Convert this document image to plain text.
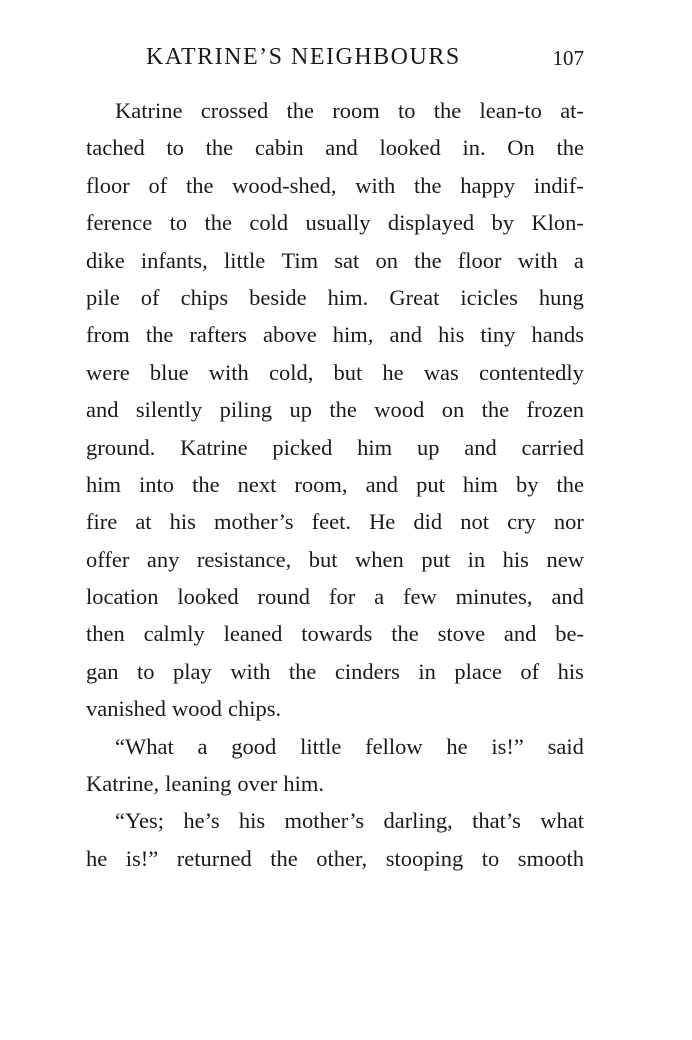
KATRINE’S NEIGHBOURS	107
Katrine crossed the room to the lean-to at-
tached to the cabin and looked in. On the
floor of the wood-shed, with the happy indif-
ference to the cold usually displayed by Klon-
dike infants, little Tim sat on the floor with a
pile of chips beside him. Great icicles hung
from the rafters above him, and his tiny hands
were blue with cold, but he was contentedly
and silently piling up the wood on the frozen
ground. Katrine picked him up and carried
him into the next room, and put him by the
fire at his mother’s feet. He did not cry nor
offer any resistance, but when put in his new
location looked round for a few minutes, and
then calmly leaned towards the stove and be-
gan to play with the cinders in place of his
vanished wood chips.
“What a good little fellow he is!” said
Katrine, leaning over him.
“Yes; he’s his mother’s darling, that’s what
he is!” returned the other, stooping to smooth
